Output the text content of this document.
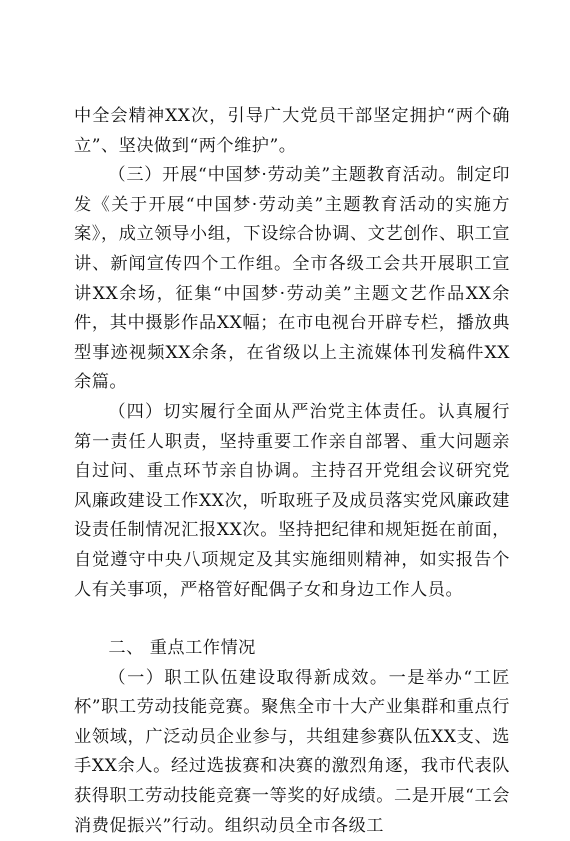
中全会精神XX次，引导广大党员干部坚定拥护“两个确立”、坚决做到“两个维护”。

（三）开展“中国梦·劳动美”主题教育活动。制定印发《关于开展“中国梦·劳动美”主题教育活动的实施方案》，成立领导小组，下设综合协调、文艺创作、职工宣讲、新闻宣传四个工作组。全市各级工会共开展职工宣讲XX余场，征集“中国梦·劳动美”主题文艺作品XX余件，其中摄影作品XX幅；在市电视台开辟专栏，播放典型事迹视频XX余条，在省级以上主流媒体刊发稿件XX余篇。

（四）切实履行全面从严治党主体责任。认真履行第一责任人职责，坚持重要工作亲自部署、重大问题亲自过问、重点环节亲自协调。主持召开党组会议研究党风廉政建设工作XX次，听取班子及成员落实党风廉政建设责任制情况汇报XX次。坚持把纪律和规矩挺在前面，自觉遵守中央八项规定及其实施细则精神，如实报告个人有关事项，严格管好配偶子女和身边工作人员。

二、 重点工作情况

（一）职工队伍建设取得新成效。一是举办“工匠杯”职工劳动技能竞赛。聚焦全市十大产业集群和重点行业领域，广泛动员企业参与，共组建参赛队伍XX支、选手XX余人。经过选拔赛和决赛的激烈角逐，我市代表队获得职工劳动技能竞赛一等奖的好成绩。二是开展“工会消费促振兴”行动。组织动员全市各级工
